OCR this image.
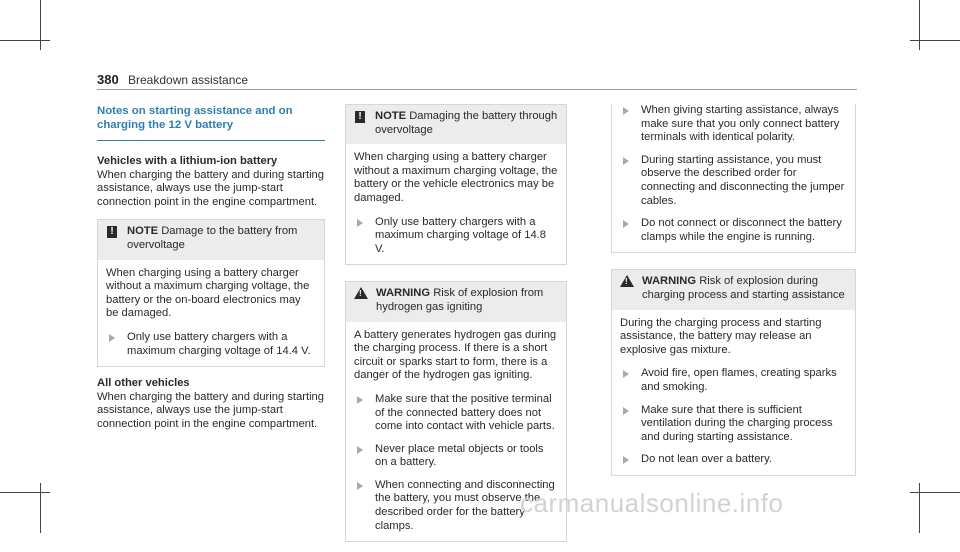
380 Breakdown assistance
Notes on starting assistance and on charging the 12 V battery

Vehicles with a lithium-ion battery

When charging the battery and during starting assistance, always use the jump-start connection point in the engine compartment.

! NOTE Damage to the battery from overvoltage

When charging using a battery charger without a maximum charging voltage, the battery or the on-board electronics may be damaged.

Only use battery chargers with a maximum charging voltage of 14.4 V.

All other vehicles

When charging the battery and during starting assistance, always use the jump-start connection point in the engine compartment.

! NOTE Damaging the battery through overvoltage

When charging using a battery charger without a maximum charging voltage, the battery or the vehicle electronics may be damaged.

Only use battery chargers with a maximum charging voltage of 14.8 V.
! WARNING Risk of explosion from hydrogen gas igniting

A battery generates hydrogen gas during the charging process. If there is a short circuit or sparks start to form, there is a danger of the hydrogen gas igniting.

Make sure that the positive terminal of the connected battery does not come into contact with vehicle parts.
Never place metal objects or tools on a battery.
When connecting and disconnecting the battery, you must observe the described order for the battery clamps.
When giving starting assistance, always make sure that you only connect battery terminals with identical polarity.
During starting assistance, you must observe the described order for connecting and disconnecting the jumper cables.
Do not connect or disconnect the battery clamps while the engine is running.
! WARNING Risk of explosion during charging process and starting assistance

During the charging process and starting assistance, the battery may release an explosive gas mixture.

Avoid fire, open flames, creating sparks and smoking.
Make sure that there is sufficient ventilation during the charging process and during starting assistance.
Do not lean over a battery.
carmanualsonline.info
